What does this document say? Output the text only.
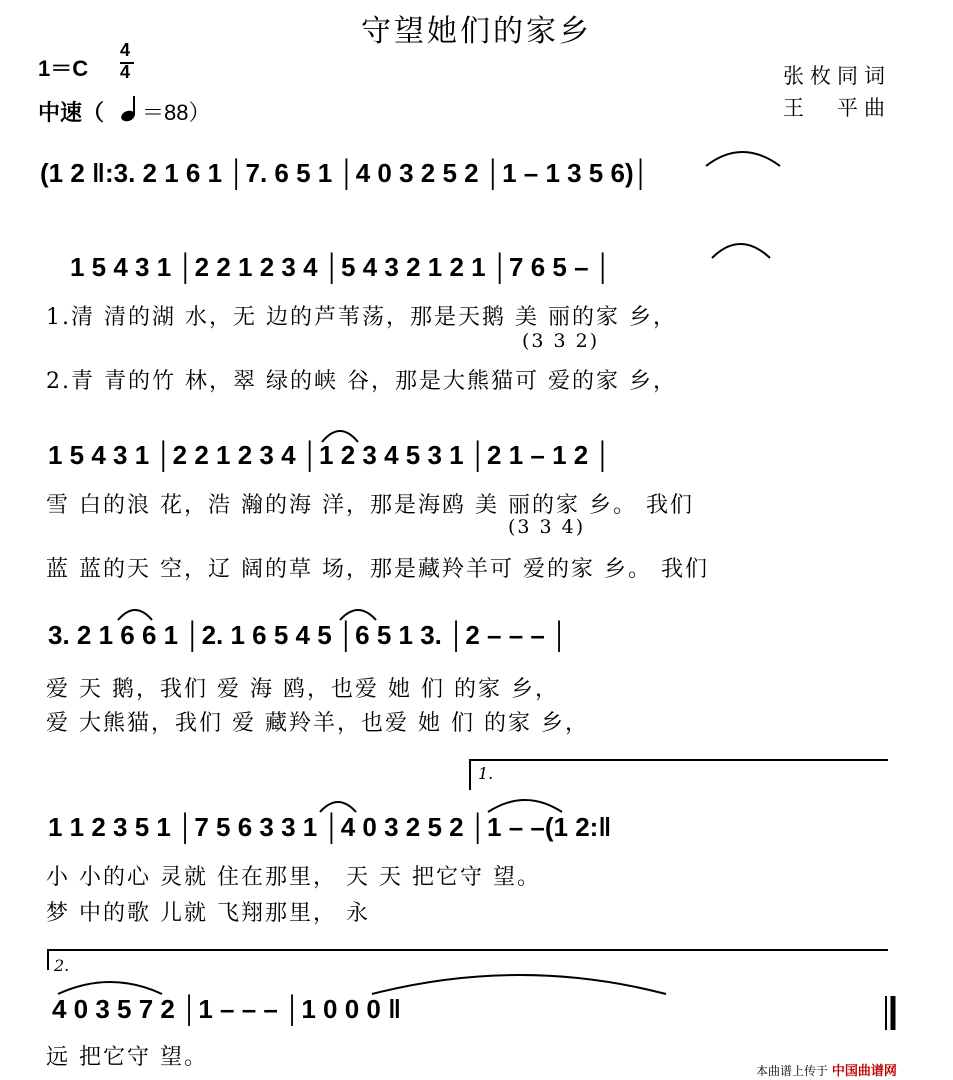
守望她们的家乡
1＝C
4
4
中速（ ＝88）
张枚同词
王　平曲
(1 2 ‖:3. 2 1 6 1 │7. 6 5 1 │4 0 3 2 5 2 │1 – 1 3 5 6)│
1 5 4 3 1 │2 2 1 2 3 4 │5 4 3 2 1 2 1 │7 6 5 – │
1.清 清的湖 水，无 边的芦苇荡，那是天鹅 美 丽的家 乡，
(3 3 2)
2.青 青的竹 林，翠 绿的峡 谷，那是大熊猫可 爱的家 乡，
1 5 4 3 1 │2 2 1 2 3 4 │1 2 3 4 5 3 1 │2 1 – 1 2 │
雪 白的浪 花，浩 瀚的海 洋，那是海鸥 美 丽的家 乡。 我们
(3 3 4)
蓝 蓝的天 空，辽 阔的草 场，那是藏羚羊可 爱的家 乡。 我们
3. 2 1 6 6 1 │2. 1 6 5 4 5 │6 5 1 3. │2 – – – │
爱 天 鹅，我们 爱 海 鸥，也爱 她 们 的家 乡，
爱 大熊猫，我们 爱 藏羚羊，也爱 她 们 的家 乡，
1.
1 1 2 3 5 1 │7 5 6 3 3 1 │4 0 3 2 5 2 │1 – –(1 2:‖
小 小的心 灵就 住在那里， 天 天 把它守 望。
梦 中的歌 儿就 飞翔那里， 永
2.
4 0 3 5 7 2 │1 – – – │1 0 0 0 ‖
远 把它守 望。
本曲谱上传于 中国曲谱网
